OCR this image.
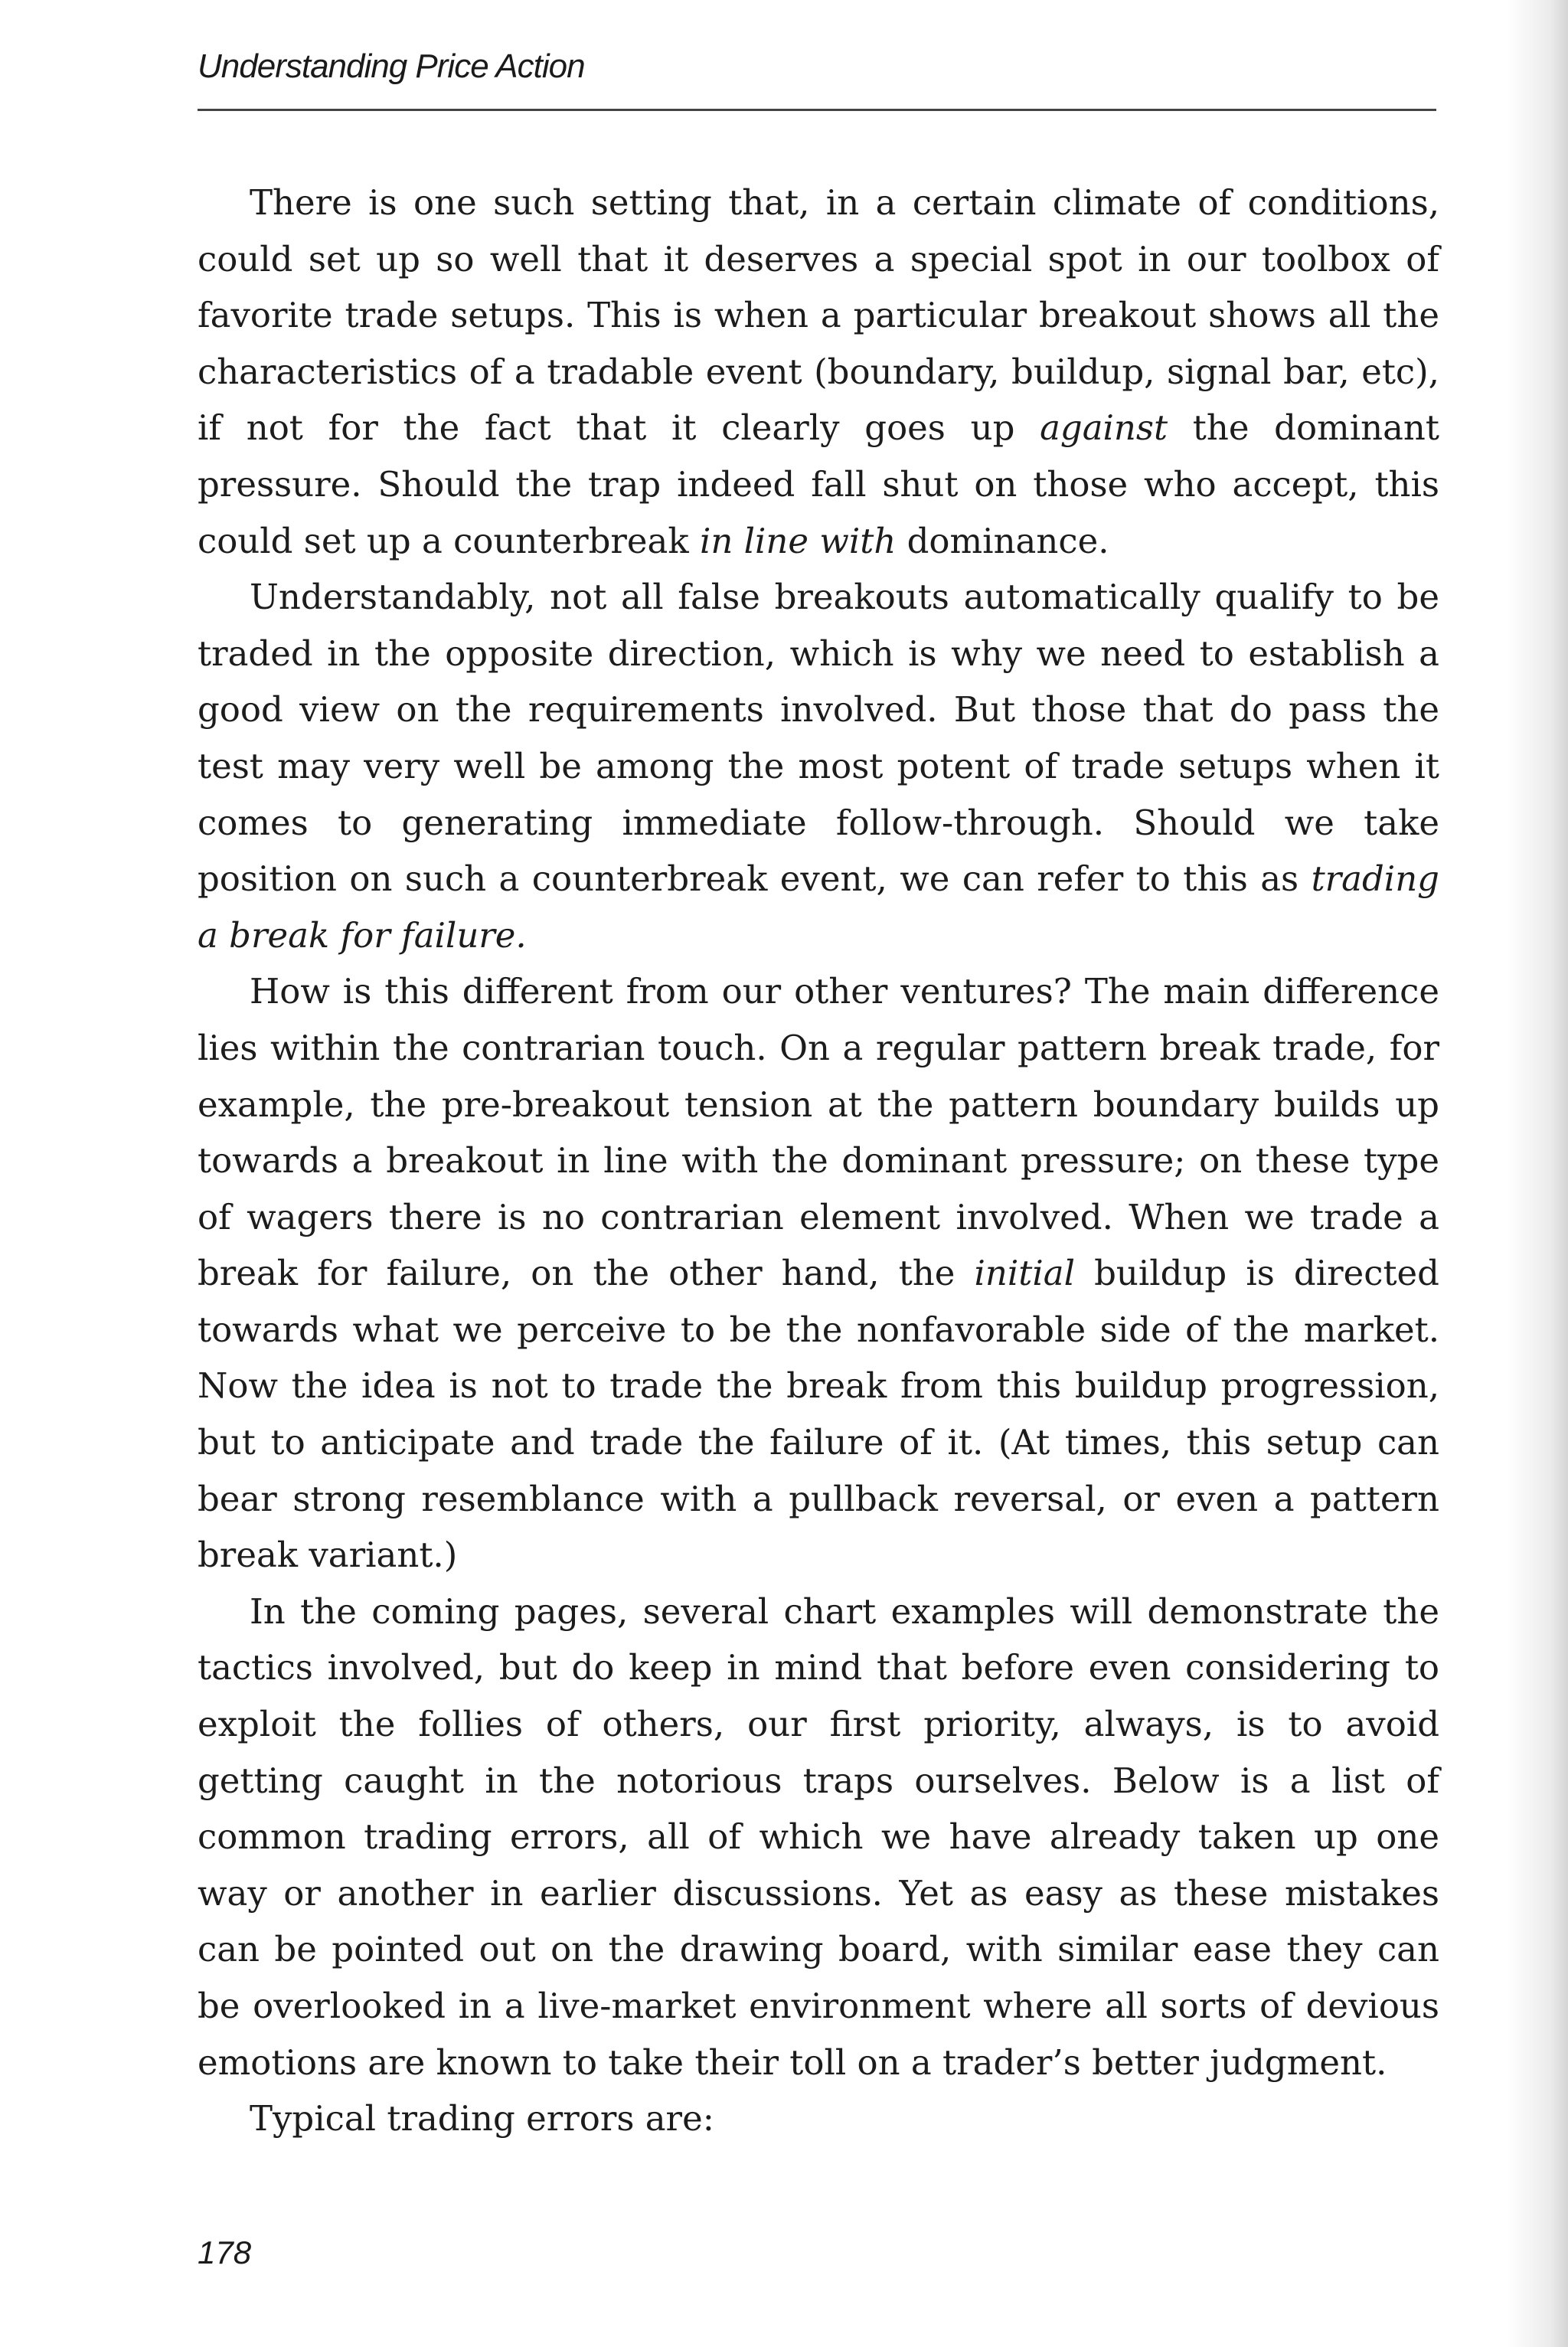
Understanding Price Action

There is one such setting that, in a certain climate of conditions, could set up so well that it deserves a special spot in our toolbox of favorite trade setups. This is when a particular breakout shows all the characteristics of a tradable event (boundary, buildup, signal bar, etc), if not for the fact that it clearly goes up against the dominant pressure. Should the trap indeed fall shut on those who accept, this could set up a counterbreak in line with dominance.

Understandably, not all false breakouts automatically qualify to be traded in the opposite direction, which is why we need to establish a good view on the requirements involved. But those that do pass the test may very well be among the most potent of trade setups when it comes to generating immediate follow-through. Should we take position on such a counterbreak event, we can refer to this as trading a break for failure.

How is this different from our other ventures? The main difference lies within the contrarian touch. On a regular pattern break trade, for example, the pre-breakout tension at the pattern boundary builds up towards a breakout in line with the dominant pressure; on these type of wagers there is no contrarian element involved. When we trade a break for failure, on the other hand, the initial buildup is directed towards what we perceive to be the nonfavorable side of the market. Now the idea is not to trade the break from this buildup progression, but to anticipate and trade the failure of it. (At times, this setup can bear strong resemblance with a pullback reversal, or even a pattern break variant.)

In the coming pages, several chart examples will demonstrate the tactics involved, but do keep in mind that before even considering to exploit the follies of others, our first priority, always, is to avoid getting caught in the notorious traps ourselves. Below is a list of common trading errors, all of which we have already taken up one way or another in earlier discussions. Yet as easy as these mistakes can be pointed out on the drawing board, with similar ease they can be overlooked in a live-market environment where all sorts of devious emotions are known to take their toll on a trader’s better judgment.

Typical trading errors are:

178
